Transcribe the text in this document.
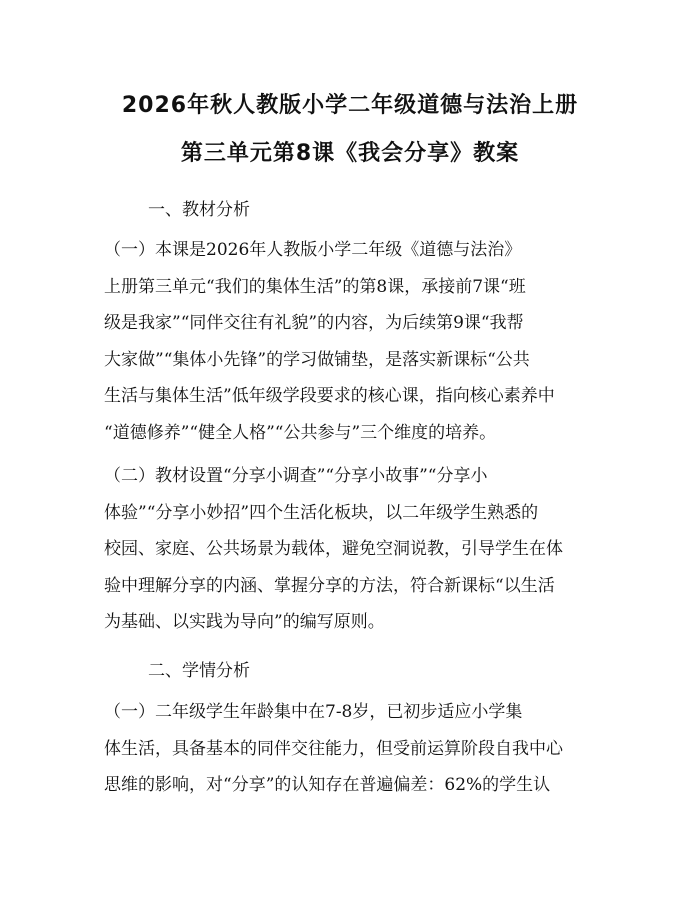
2026年秋人教版小学二年级道德与法治上册
第三单元第8课《我会分享》教案
一、教材分析

（一）本课是2026年人教版小学二年级《道德与法治》
上册第三单元“我们的集体生活”的第8课，承接前7课“班
级是我家”“同伴交往有礼貌”的内容，为后续第9课“我帮
大家做”“集体小先锋”的学习做铺垫，是落实新课标“公共
生活与集体生活”低年级学段要求的核心课，指向核心素养中
“道德修养”“健全人格”“公共参与”三个维度的培养。

（二）教材设置“分享小调查”“分享小故事”“分享小
体验”“分享小妙招”四个生活化板块，以二年级学生熟悉的
校园、家庭、公共场景为载体，避免空洞说教，引导学生在体
验中理解分享的内涵、掌握分享的方法，符合新课标“以生活
为基础、以实践为导向”的编写原则。

二、学情分析

（一）二年级学生年龄集中在7-8岁，已初步适应小学集
体生活，具备基本的同伴交往能力，但受前运算阶段自我中心
思维的影响，对“分享”的认知存在普遍偏差：62%的学生认
